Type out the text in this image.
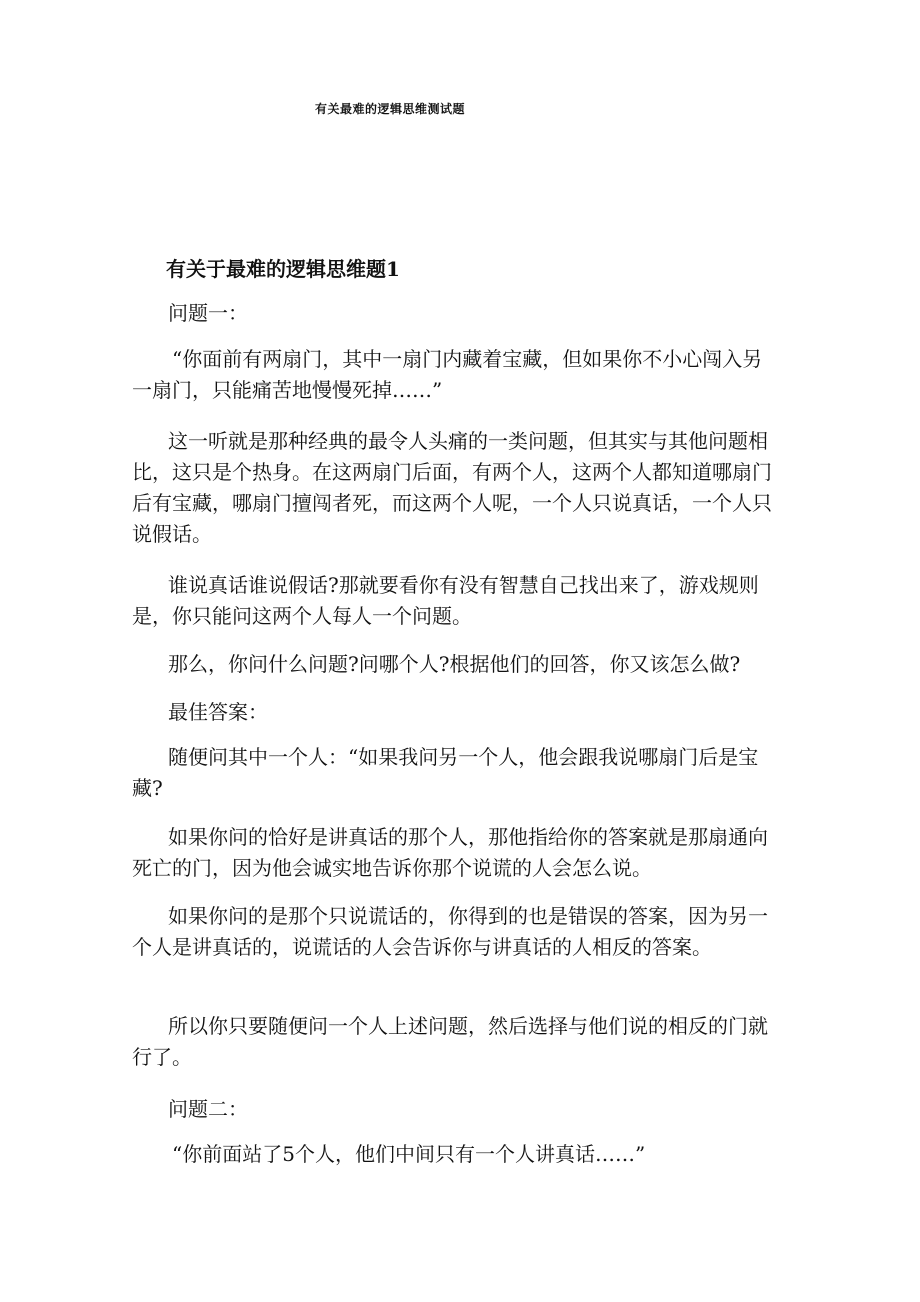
有关最难的逻辑思维测试题
有关于最难的逻辑思维题1
问题一：

“你面前有两扇门，其中一扇门内藏着宝藏，但如果你不小心闯入另一扇门，只能痛苦地慢慢死掉……”

这一听就是那种经典的最令人头痛的一类问题，但其实与其他问题相比，这只是个热身。在这两扇门后面，有两个人，这两个人都知道哪扇门后有宝藏，哪扇门擅闯者死，而这两个人呢，一个人只说真话，一个人只说假话。

谁说真话谁说假话?那就要看你有没有智慧自己找出来了，游戏规则是，你只能问这两个人每人一个问题。

那么，你问什么问题?问哪个人?根据他们的回答，你又该怎么做?

最佳答案：

随便问其中一个人：“如果我问另一个人，他会跟我说哪扇门后是宝藏?

如果你问的恰好是讲真话的那个人，那他指给你的答案就是那扇通向死亡的门，因为他会诚实地告诉你那个说谎的人会怎么说。

如果你问的是那个只说谎话的，你得到的也是错误的答案，因为另一个人是讲真话的，说谎话的人会告诉你与讲真话的人相反的答案。

所以你只要随便问一个人上述问题，然后选择与他们说的相反的门就行了。

问题二：

“你前面站了5个人，他们中间只有一个人讲真话……”
